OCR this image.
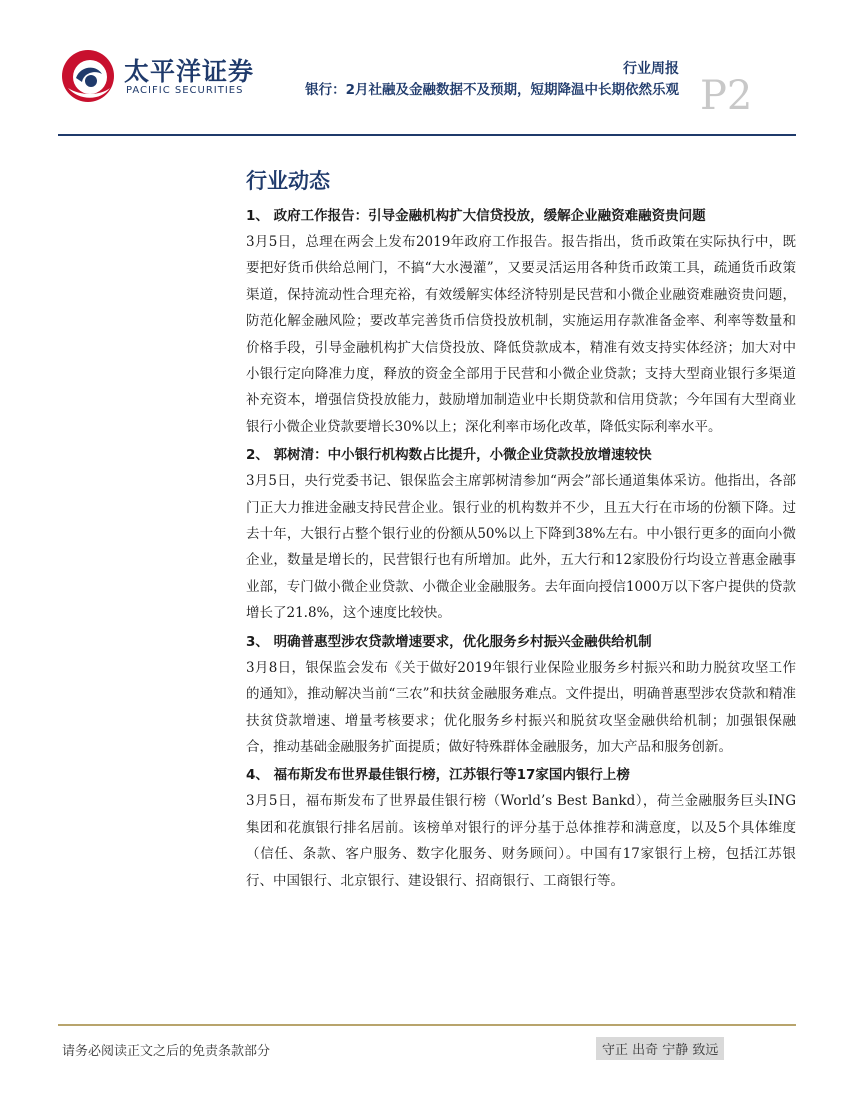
太平洋证券
PACIFIC SECURITIES
行业周报
银行：2月社融及金融数据不及预期，短期降温中长期依然乐观 P2
行业动态

1、 政府工作报告：引导金融机构扩大信贷投放，缓解企业融资难融资贵问题

3月5日，总理在两会上发布2019年政府工作报告。报告指出，货币政策在实际执行中，既要把好货币供给总闸门，不搞“大水漫灌”，又要灵活运用各种货币政策工具，疏通货币政策渠道，保持流动性合理充裕，有效缓解实体经济特别是民营和小微企业融资难融资贵问题，防范化解金融风险；要改革完善货币信贷投放机制，实施运用存款准备金率、利率等数量和价格手段，引导金融机构扩大信贷投放、降低贷款成本，精准有效支持实体经济；加大对中小银行定向降准力度，释放的资金全部用于民营和小微企业贷款；支持大型商业银行多渠道补充资本，增强信贷投放能力，鼓励增加制造业中长期贷款和信用贷款；今年国有大型商业银行小微企业贷款要增长30%以上；深化利率市场化改革，降低实际利率水平。

2、 郭树清：中小银行机构数占比提升，小微企业贷款投放增速较快

3月5日，央行党委书记、银保监会主席郭树清参加“两会”部长通道集体采访。他指出，各部门正大力推进金融支持民营企业。银行业的机构数并不少，且五大行在市场的份额下降。过去十年，大银行占整个银行业的份额从50%以上下降到38%左右。中小银行更多的面向小微企业，数量是增长的，民营银行也有所增加。此外，五大行和12家股份行均设立普惠金融事业部，专门做小微企业贷款、小微企业金融服务。去年面向授信1000万以下客户提供的贷款增长了21.8%，这个速度比较快。

3、 明确普惠型涉农贷款增速要求，优化服务乡村振兴金融供给机制

3月8日，银保监会发布《关于做好2019年银行业保险业服务乡村振兴和助力脱贫攻坚工作的通知》，推动解决当前“三农”和扶贫金融服务难点。文件提出，明确普惠型涉农贷款和精准扶贫贷款增速、增量考核要求；优化服务乡村振兴和脱贫攻坚金融供给机制；加强银保融合，推动基础金融服务扩面提质；做好特殊群体金融服务，加大产品和服务创新。

4、 福布斯发布世界最佳银行榜，江苏银行等17家国内银行上榜

3月5日，福布斯发布了世界最佳银行榜（World’s Best Bankd），荷兰金融服务巨头ING集团和花旗银行排名居前。该榜单对银行的评分基于总体推荐和满意度，以及5个具体维度（信任、条款、客户服务、数字化服务、财务顾问）。中国有17家银行上榜，包括江苏银行、中国银行、北京银行、建设银行、招商银行、工商银行等。

请务必阅读正文之后的免责条款部分	守正 出奇 宁静 致远
